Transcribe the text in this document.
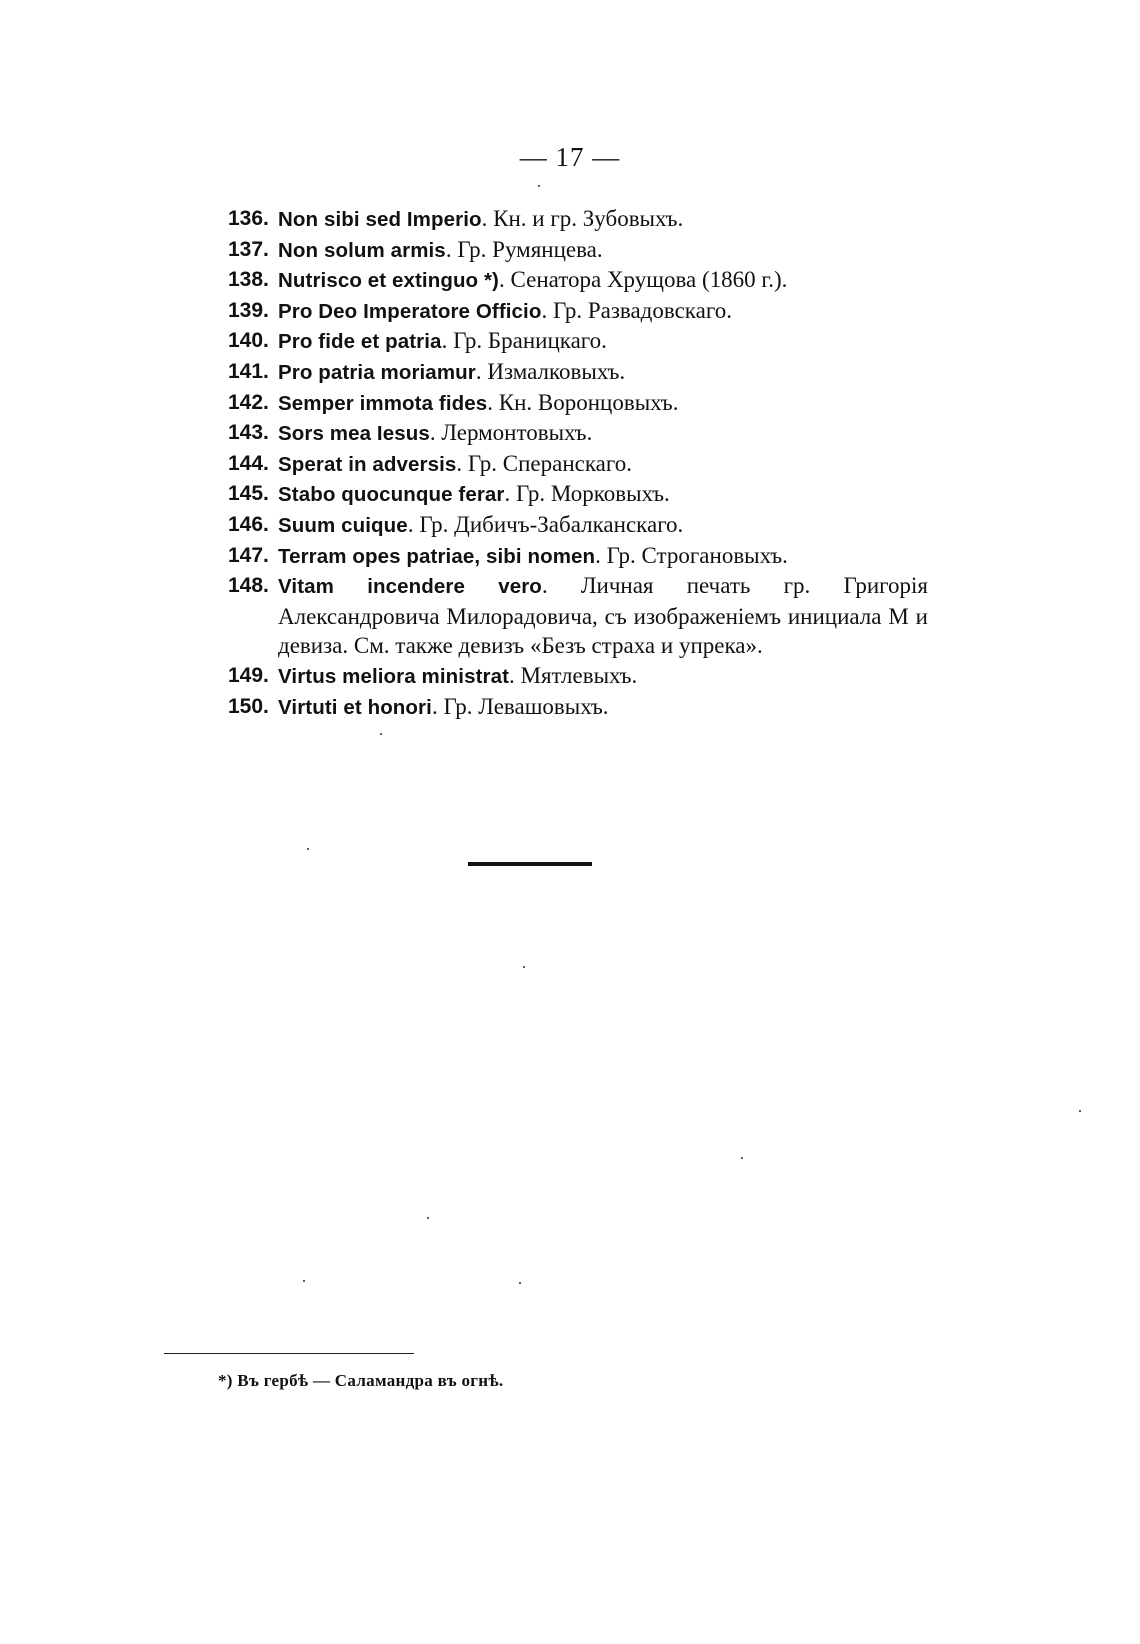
— 17 —

136. Non sibi sed Imperio. Кн. и гр. Зубовыхъ.

137. Non solum armis. Гр. Румянцева.

138. Nutrisco et extinguo *). Сенатора Хрущова (1860 г.).

139. Pro Deo Imperatore Officio. Гр. Развадовскаго.

140. Pro fide et patria. Гр. Браницкаго.

141. Pro patria moriamur. Измалковыхъ.

142. Semper immota fides. Кн. Воронцовыхъ.

143. Sors mea Iesus. Лермонтовыхъ.

144. Sperat in adversis. Гр. Сперанскаго.

145. Stabo quocunque ferar. Гр. Морковыхъ.

146. Suum cuique. Гр. Дибичъ-Забалканскаго.

147. Terram opes patriae, sibi nomen. Гр. Строгановыхъ.

148. Vitam incendere vero. Личная печать гр. Григорія Александровича Милорадовича, съ изображеніемъ инициала М и девиза. См. также девизъ «Безъ страха и упрека».

149. Virtus meliora ministrat. Мятлевыхъ.

150. Virtuti et honori. Гр. Левашовыхъ.

*) Въ гербѣ — Саламандра въ огнѣ.
